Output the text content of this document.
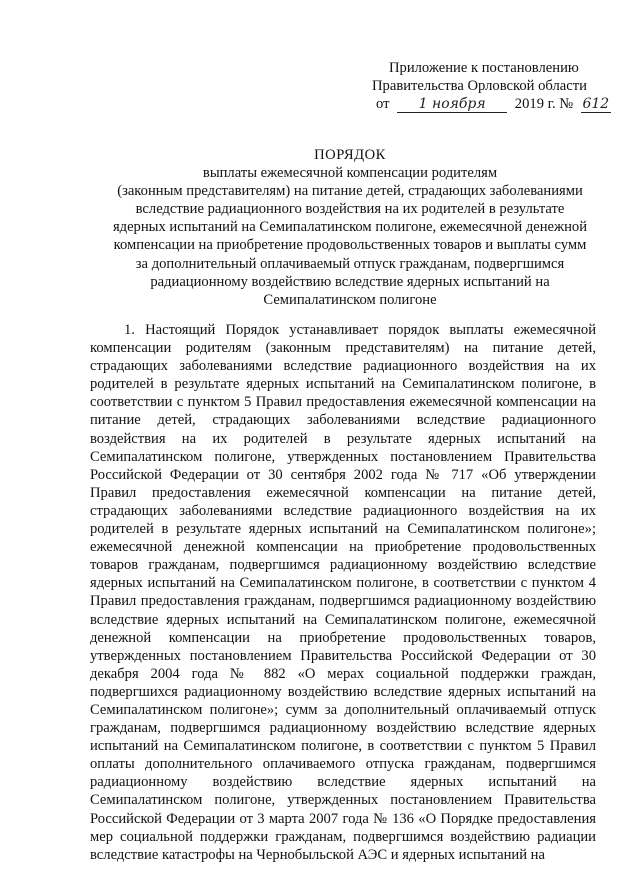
Приложение к постановлению
Правительства Орловской области
от 1 ноября 2019 г. № 612
ПОРЯДОК
выплаты ежемесячной компенсации родителям
(законным представителям) на питание детей, страдающих заболеваниями
вследствие радиационного воздействия на их родителей в результате
ядерных испытаний на Семипалатинском полигоне, ежемесячной денежной
компенсации на приобретение продовольственных товаров и выплаты сумм
за дополнительный оплачиваемый отпуск гражданам, подвергшимся
радиационному воздействию вследствие ядерных испытаний на
Семипалатинском полигоне
1. Настоящий Порядок устанавливает порядок выплаты ежемесячной компенсации родителям (законным представителям) на питание детей, страдающих заболеваниями вследствие радиационного воздействия на их родителей в результате ядерных испытаний на Семипалатинском полигоне, в соответствии с пунктом 5 Правил предоставления ежемесячной компенсации на питание детей, страдающих заболеваниями вследствие радиационного воздействия на их родителей в результате ядерных испытаний на Семипалатинском полигоне, утвержденных постановлением Правительства Российской Федерации от 30 сентября 2002 года № 717 «Об утверждении Правил предоставления ежемесячной компенсации на питание детей, страдающих заболеваниями вследствие радиационного воздействия на их родителей в результате ядерных испытаний на Семипалатинском полигоне»; ежемесячной денежной компенсации на приобретение продовольственных товаров гражданам, подвергшимся радиационному воздействию вследствие ядерных испытаний на Семипалатинском полигоне, в соответствии с пунктом 4 Правил предоставления гражданам, подвергшимся радиационному воздействию вследствие ядерных испытаний на Семипалатинском полигоне, ежемесячной денежной компенсации на приобретение продовольственных товаров, утвержденных постановлением Правительства Российской Федерации от 30 декабря 2004 года № 882 «О мерах социальной поддержки граждан, подвергшихся радиационному воздействию вследствие ядерных испытаний на Семипалатинском полигоне»; сумм за дополнительный оплачиваемый отпуск гражданам, подвергшимся радиационному воздействию вследствие ядерных испытаний на Семипалатинском полигоне, в соответствии с пунктом 5 Правил оплаты дополнительного оплачиваемого отпуска гражданам, подвергшимся радиационному воздействию вследствие ядерных испытаний на Семипалатинском полигоне, утвержденных постановлением Правительства Российской Федерации от 3 марта 2007 года № 136 «О Порядке предоставления мер социальной поддержки гражданам, подвергшимся воздействию радиации вследствие катастрофы на Чернобыльской АЭС и ядерных испытаний на
